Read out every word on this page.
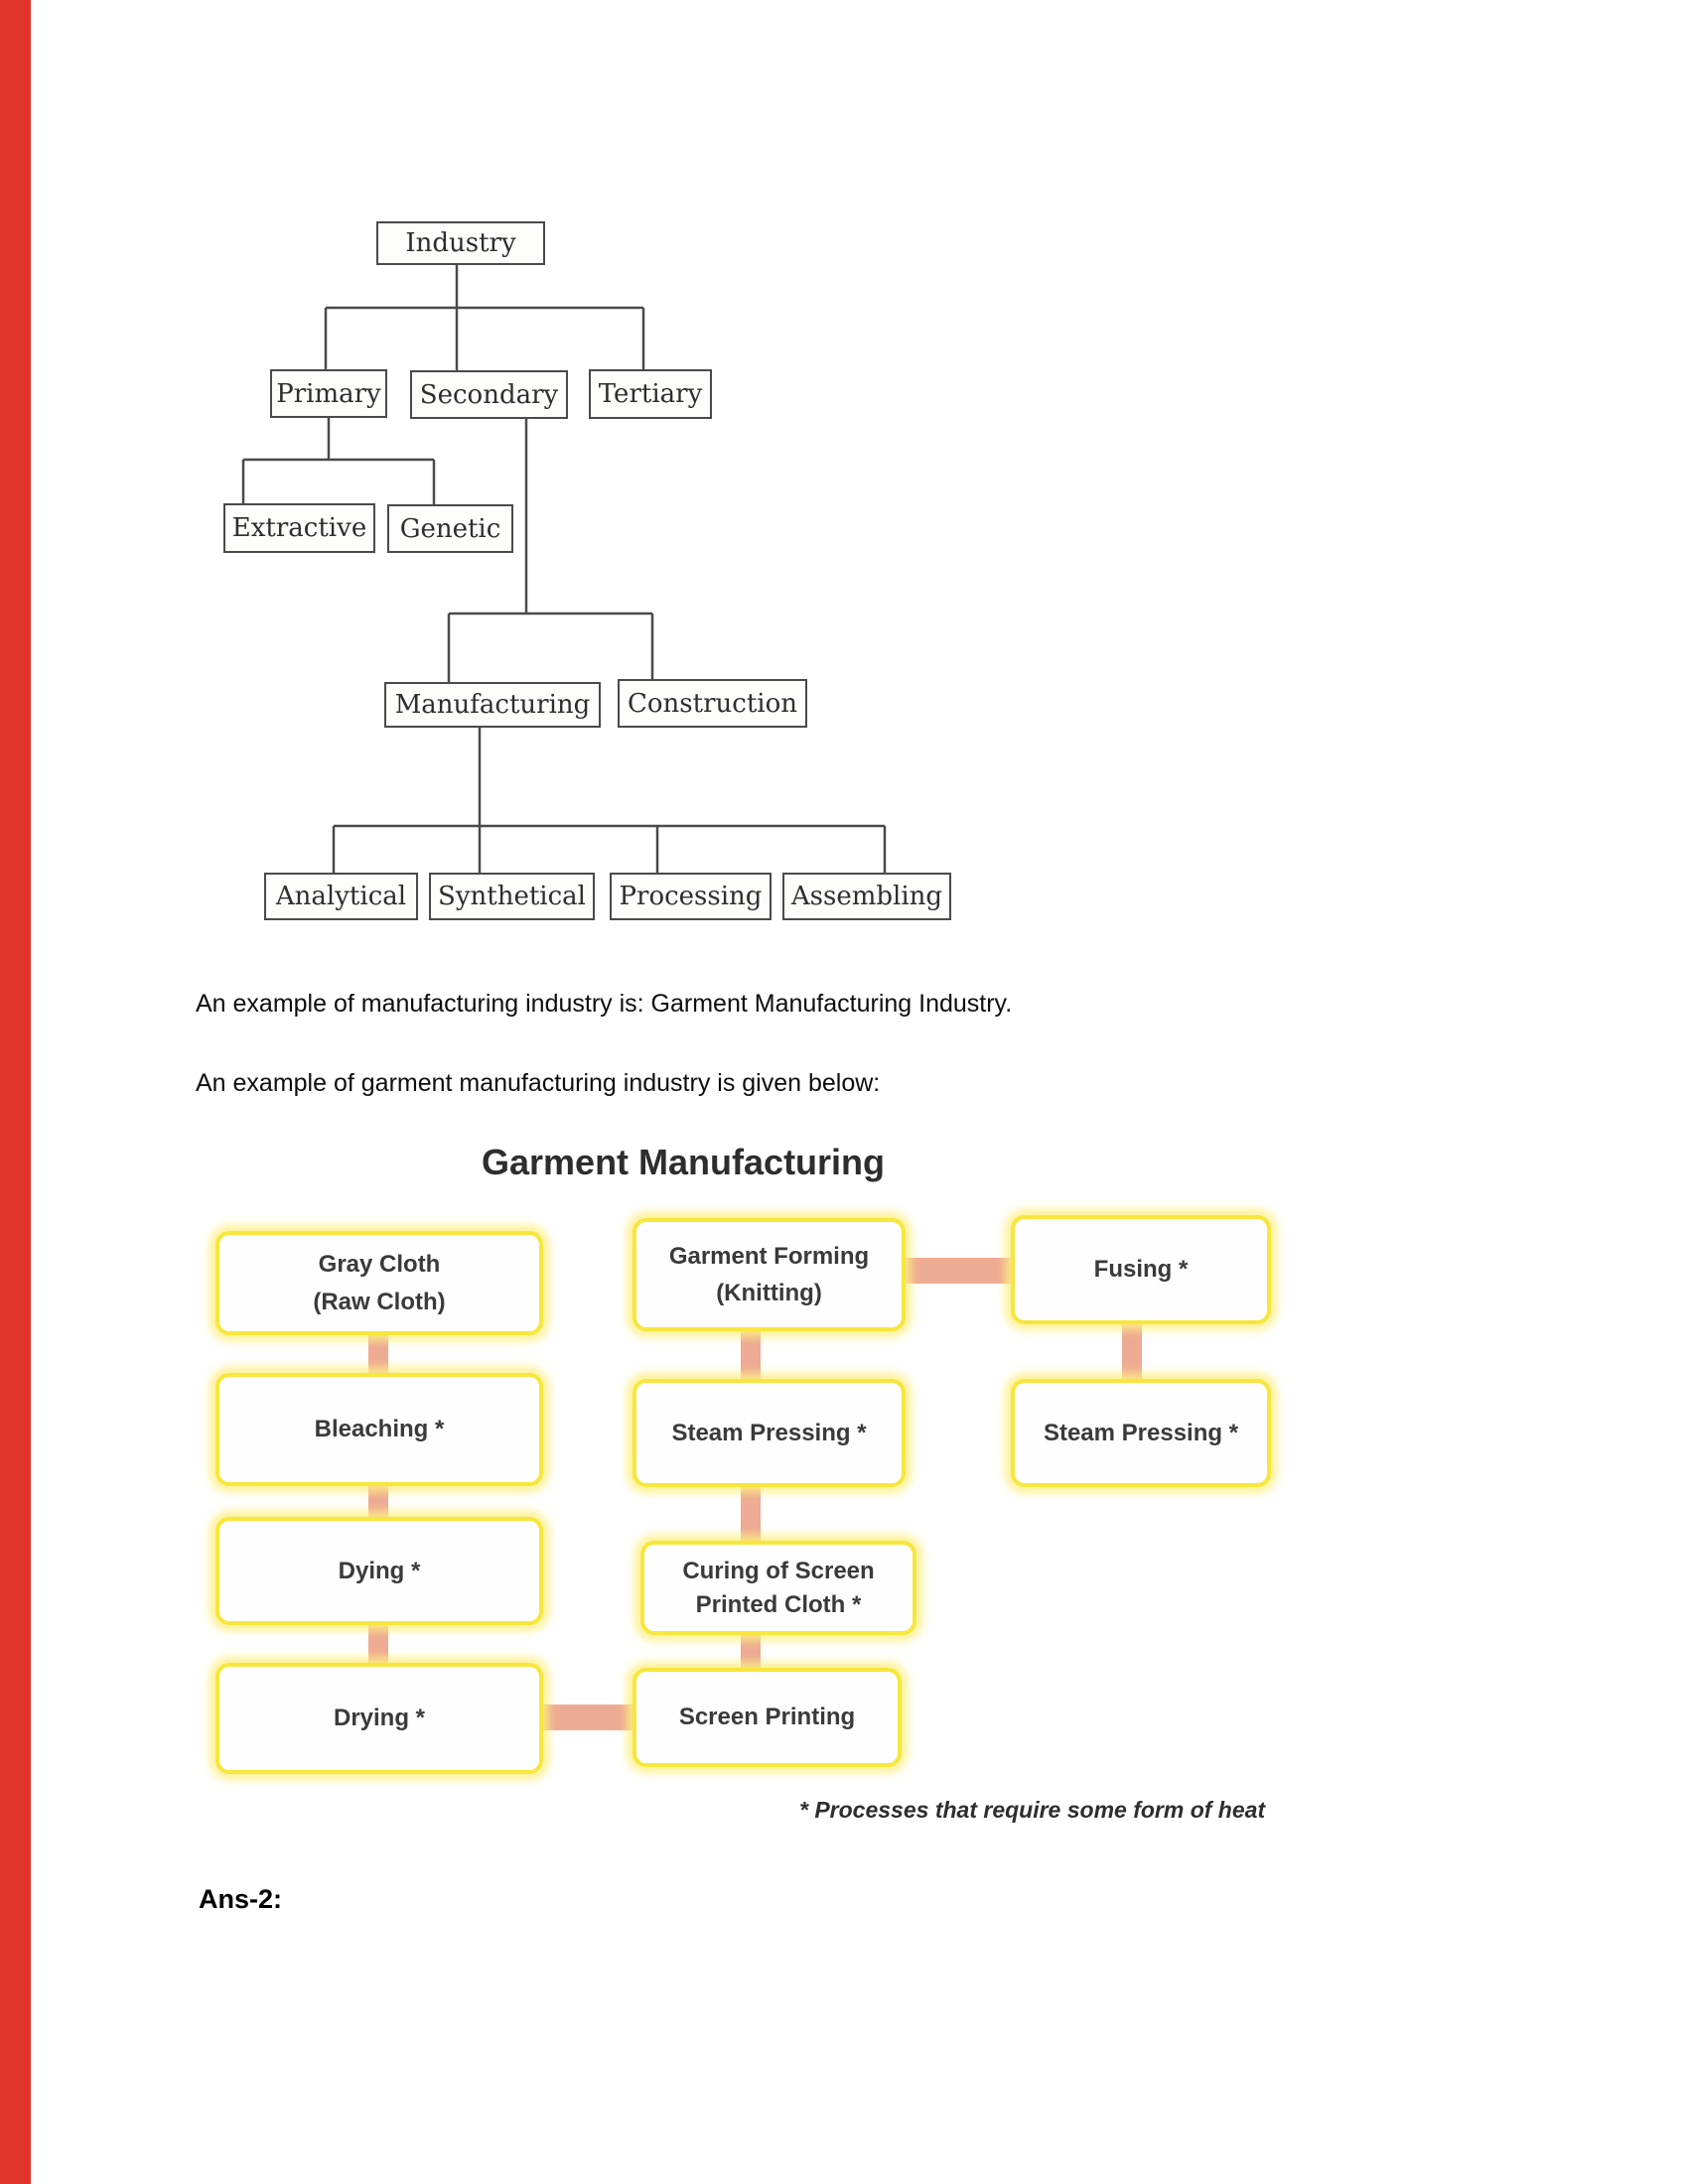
Industry
Primary	Secondary	Tertiary
Extractive	Genetic
Manufacturing	Construction
Analytical	Synthetical	Processing	Assembling
An example of manufacturing industry is: Garment Manufacturing Industry.
An example of garment manufacturing industry is given below:
Garment Manufacturing
Gray Cloth
(Raw Cloth)
Bleaching *
Dying *
Drying *
Garment Forming
(Knitting)
Steam Pressing *
Curing of Screen
Printed Cloth *
Screen Printing
Fusing *
Steam Pressing *
* Processes that require some form of heat
Ans-2:
